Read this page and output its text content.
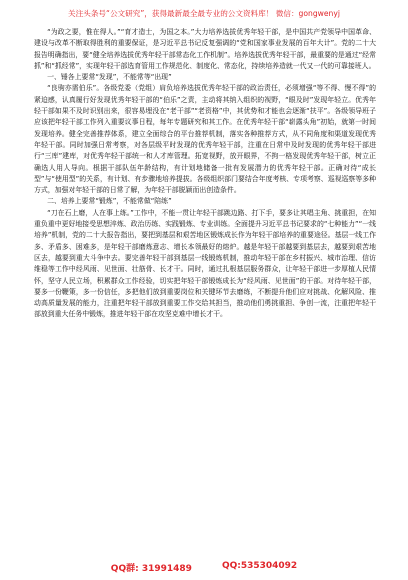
关注头条号“公文研究”，获得最新最全最专业的公文资料库！ 微信：gongwenyj

“为政之要，惟在得人。”“育才造士，为国之本。”大力培养选拔优秀年轻干部，是中国共产党领导中国革命、建设与改革不断取得胜利的重要保证，是习近平总书记反复强调的“党和国家事业发展的百年大计”。党的二十大报告明确指出，要“健全培养选拔优秀年轻干部常态化工作机制”。培养选拔优秀年轻干部，最重要的是通过“经常抓”和“抓经常”，实现年轻干部选育管用工作规范化、制度化、常态化，持续培养造就一代又一代的可靠接班人。

一、锤各上要常“发现”，不能常等“出现”

“良驹亦需伯乐”。各级党委（党组）肩负培养选拔优秀年轻干部的政治责任，必须增强“等不得、慢不得”的紧迫感，认真履行好发现优秀年轻干部的“伯乐”之责，主动将其纳入组织的视野，“眼及时”发现年轻立。优秀年轻干部如果不及时识别出来，很容易埋没在“老干部”“老资格”中，其优势和才能也会逐渐“扶平”。各级领导班子应该把年轻干部工作列入重要议事日程，每年专题研究和其工作。在优秀年轻干部“崭露头角”初始，就第一时间发现培养。健全完善推荐体系，建立全面综合的平台推荐机制，落实各种推荐方式，从不同角度和渠道发现优秀年轻干部。同时加强日常考察，对各层级平时发现的优秀年轻干部，注重在日常中及时发现的优秀年轻干部进行“三库”建库，对优秀年轻干部统一和人才库管理。拓宽视野，放开眼界，不拘一格发现优秀年轻干部，树立正确选人用人导向。根据干部队伍年龄结构，有计划地储备一批有发展潜力的优秀年轻干部。正确对待“成长型”与“使用型”的关系，有计划、有步骤地培养提拔。各级组织部门要结合年度考核、专项考察、巡视巡察等多种方式，加强对年轻干部的日常了解，为年轻干部脱颖而出创造条件。

二、培养上要常“锻炼”，不能常做“陪练”

“刀在石上磨，人在事上练。”工作中，不能一贯让年轻干部跳边路、打下手，要多让其唱主角、挑重担，在知重负重中更好地接受思想淬炼、政治历练、实践锻炼、专业训练。全面提升习近平总书记要求的“七种能力”“一线培养”机制，党的二十大报告指出，要把到基层和艰苦地区锻炼成长作为年轻干部培养的重要途径。基层一线工作多、矛盾多、困难多，是年轻干部磨炼意志、增长本领最好的熔炉。越是年轻干部越要到基层去，越要到艰苦地区去，越要到重大斗争中去。要完善年轻干部到基层一线锻炼机制，推动年轻干部在乡村振兴、城市治理、信访维稳等工作中经风雨、见世面、壮筋骨、长才干。同时，通过扎根基层服务群众，让年轻干部进一步厚植人民情怀，坚守人民立场，积累群众工作经验，切实把年轻干部锻炼成长为“经风雨、见世面”的干部。对待年轻干部，要多一份鞭策，多一份信任，多把他们放到重要岗位和关键环节去磨练，不断提升他们应对挑战、化解风险、推动高质量发展的能力，注重把年轻干部放到重要工作交给其担当，推动他们勇挑重担、争创一流，注重把年轻干部放到重大任务中锻炼，推进年轻干部在攻坚克难中增长才干。

QQ群: 31991489	QQ:535304092
